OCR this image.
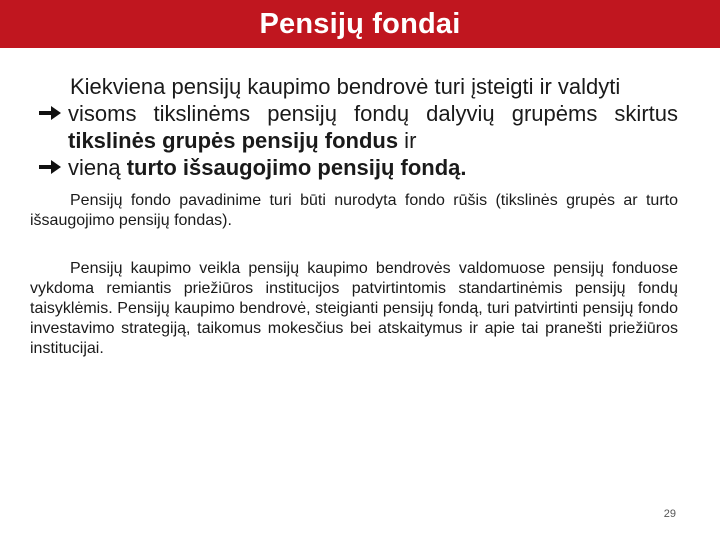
Pensijų fondai

Kiekviena pensijų kaupimo bendrovė turi įsteigti ir valdyti

visoms tikslinėms pensijų fondų dalyvių grupėms skirtus tikslinės grupės pensijų fondus ir
vieną turto išsaugojimo pensijų fondą.

Pensijų fondo pavadinime turi būti nurodyta fondo rūšis (tikslinės grupės ar turto išsaugojimo pensijų fondas).

Pensijų kaupimo veikla pensijų kaupimo bendrovės valdomuose pensijų fonduose vykdoma remiantis priežiūros institucijos patvirtintomis standartinėmis pensijų fondų taisyklėmis. Pensijų kaupimo bendrovė, steigianti pensijų fondą, turi patvirtinti pensijų fondo investavimo strategiją, taikomus mokesčius bei atskaitymus ir apie tai pranešti priežiūros institucijai.

29
